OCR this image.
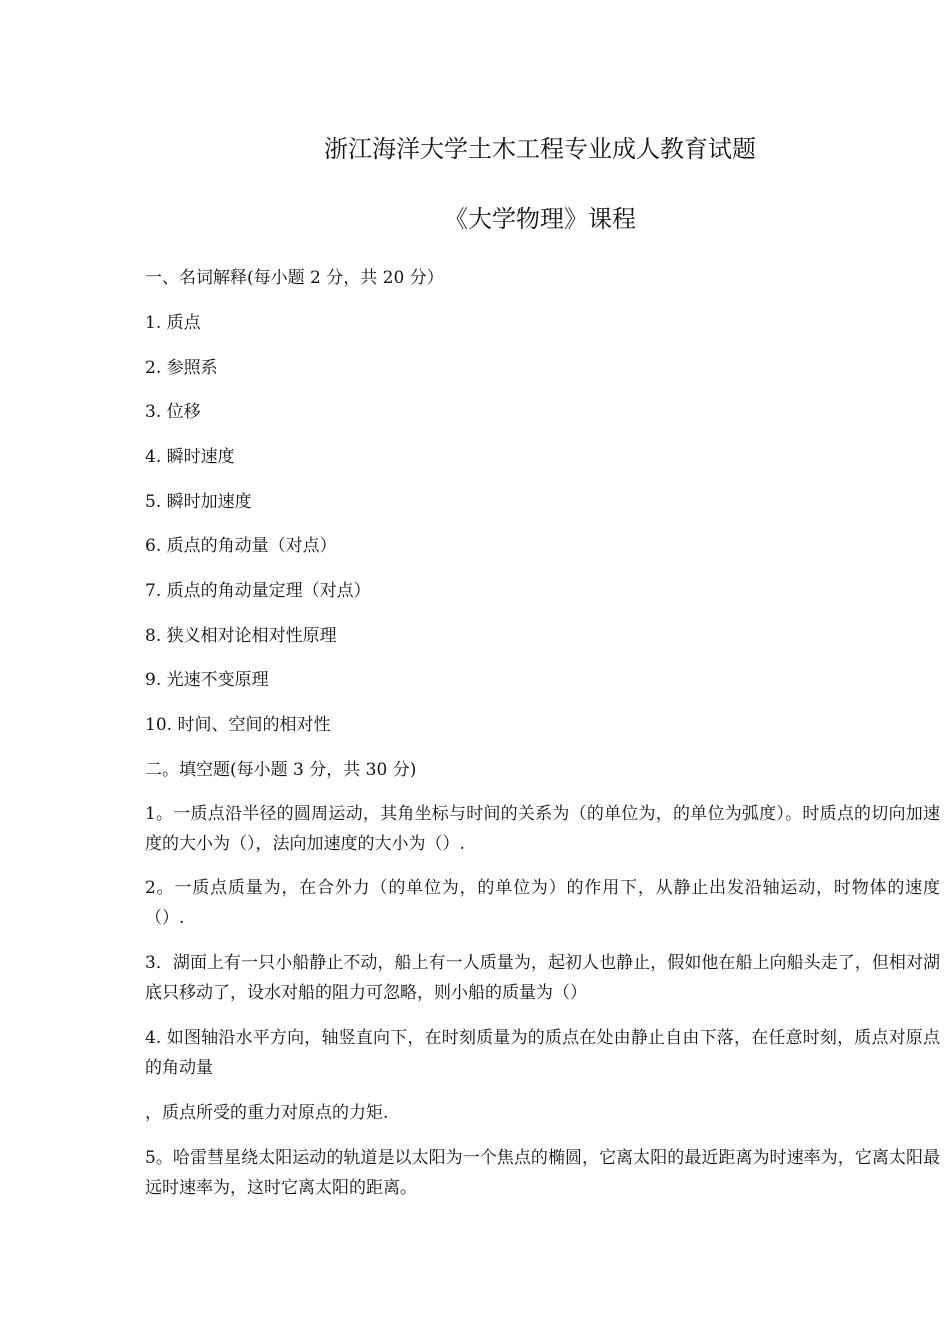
浙江海洋大学土木工程专业成人教育试题
《大学物理》课程
一、名词解释(每小题 2 分，共 20 分）
1. 质点
2. 参照系
3. 位移
4. 瞬时速度
5. 瞬时加速度
6. 质点的角动量（对点）
7. 质点的角动量定理（对点）
8. 狭义相对论相对性原理
9. 光速不变原理
10. 时间、空间的相对性
二。填空题(每小题 3 分，共 30 分)
1。一质点沿半径的圆周运动，其角坐标与时间的关系为（的单位为，的单位为弧度）。时质点的切向加速度的大小为（），法向加速度的大小为（）.
2。一质点质量为，在合外力（的单位为，的单位为）的作用下，从静止出发沿轴运动，时物体的速度（）.
3．湖面上有一只小船静止不动，船上有一人质量为，起初人也静止，假如他在船上向船头走了，但相对湖底只移动了，设水对船的阻力可忽略，则小船的质量为（）
4. 如图轴沿水平方向，轴竖直向下，在时刻质量为的质点在处由静止自由下落，在任意时刻，质点对原点的角动量
，质点所受的重力对原点的力矩.
5。哈雷彗星绕太阳运动的轨道是以太阳为一个焦点的椭圆，它离太阳的最近距离为时速率为，它离太阳最远时速率为，这时它离太阳的距离。
